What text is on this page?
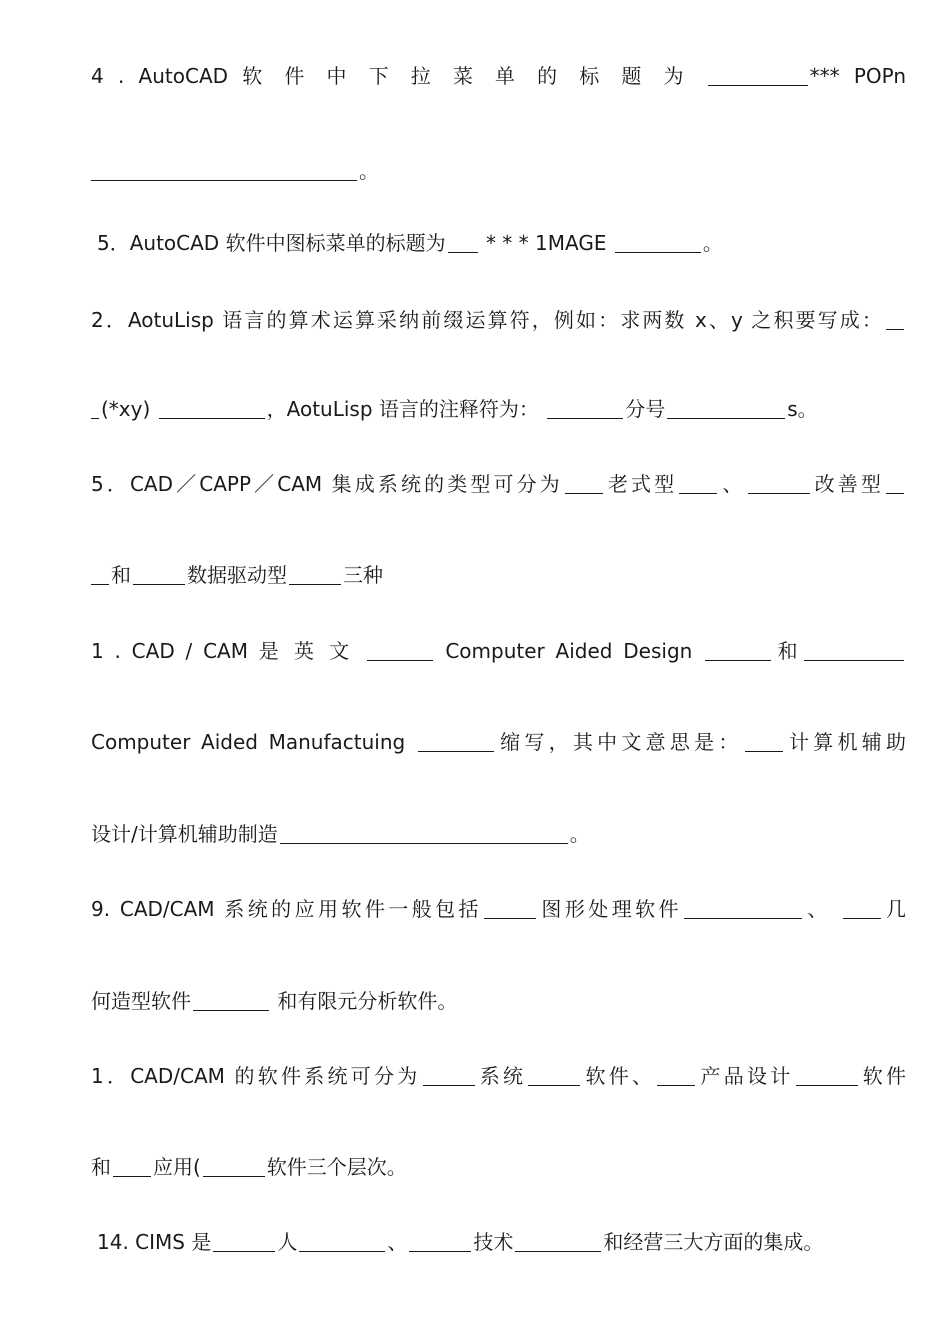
4 . AutoCAD 软 件 中 下 拉 菜 单 的 标 题 为	*** POPn
。
5．AutoCAD 软件中图标菜单的标题为 * * * 1MAGE	。
2．AotuLisp 语言的算术运算采纳前缀运算符，例如：求两数 x、y 之积要写成：
(*xy)	，AotuLisp 语言的注释符为：	分号	s。
5．CAD／CAPP／CAM 集成系统的类型可分为 老式型 、	改善型
和	数据驱动型	三种
1 . CAD / CAM 是 英 文	Computer Aided Design	和
Computer Aided Manufactuing	缩写，其中文意思是： 计算机辅助
设计/计算机辅助制造	。
9. CAD/CAM 系统的应用软件一般包括	图形处理软件	、	几
何造型软件	和有限元分析软件。
1．CAD/CAM 的软件系统可分为	系统	软件、 产品设计	软件
和 应用(	软件三个层次。
14. CIMS 是	人	、	技术	和经营三大方面的集成。
